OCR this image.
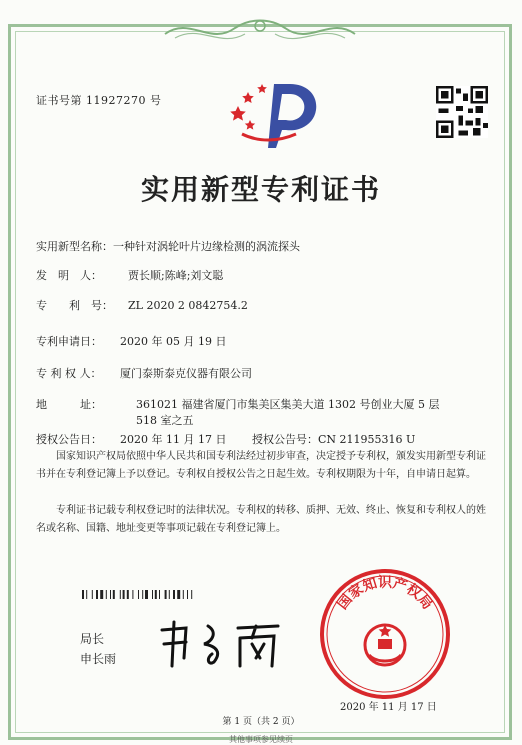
证书号第 11927270 号
实用新型专利证书
实用新型名称：一种针对涡轮叶片边缘检测的涡流探头
发　明　人： 贾长顺;陈峰;刘文聪
专　　利　号： ZL 2020 2 0842754.2
专利申请日： 2020 年 05 月 19 日
专 利 权 人： 厦门泰斯泰克仪器有限公司
地　　　址：	361021 福建省厦门市集美区集美大道 1302 号创业大厦 5 层
518 室之五
授权公告日： 2020 年 11 月 17 日 授权公告号：CN 211955316 U
国家知识产权局依照中华人民共和国专利法经过初步审查，决定授予专利权，颁发实用新型专利证书并在专利登记簿上予以登记。专利权自授权公告之日起生效。专利权期限为十年，自申请日起算。
专利证书记载专利权登记时的法律状况。专利权的转移、质押、无效、终止、恢复和专利权人的姓名或名称、国籍、地址变更等事项记载在专利登记簿上。
局长
申长雨
国家知识产权局
2020 年 11 月 17 日
第 1 页（共 2 页）
其他事项参见续页
